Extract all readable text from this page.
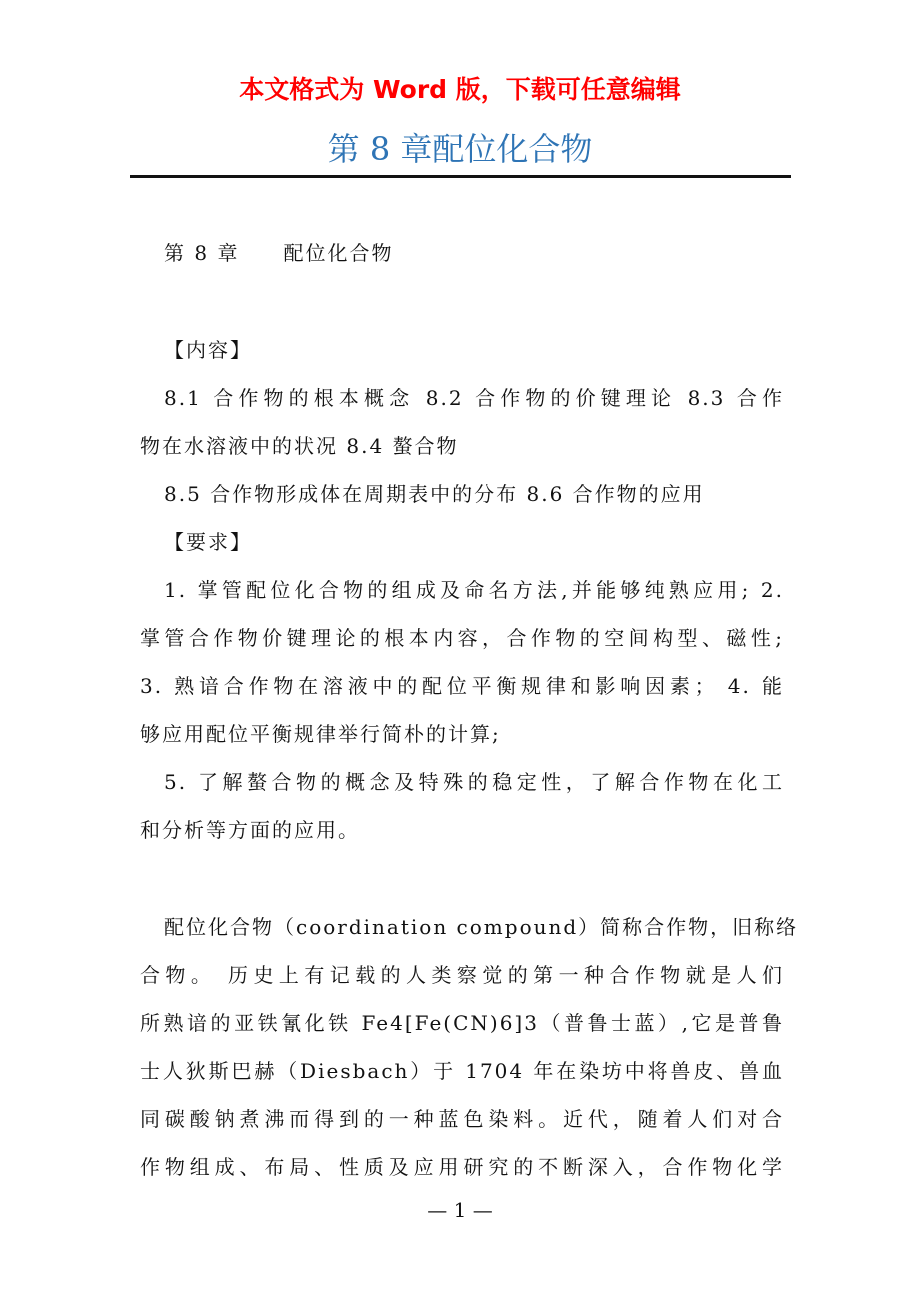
本文格式为 Word 版，下载可任意编辑
第 8 章配位化合物
第 8 章　　配位化合物
【内容】
8.1 合作物的根本概念 8.2 合作物的价键理论 8.3 合作
物在水溶液中的状况 8.4 螯合物
8.5 合作物形成体在周期表中的分布 8.6 合作物的应用
【要求】
1. 掌管配位化合物的组成及命名方法,并能够纯熟应用; 2.
掌管合作物价键理论的根本内容，合作物的空间构型、磁性;
3. 熟谙合作物在溶液中的配位平衡规律和影响因素； 4. 能
够应用配位平衡规律举行简朴的计算;
5. 了解螯合物的概念及特殊的稳定性，了解合作物在化工
和分析等方面的应用。
配位化合物（coordination compound）简称合作物，旧称络
合物。 历史上有记载的人类察觉的第一种合作物就是人们
所熟谙的亚铁氰化铁 Fe4[Fe(CN)6]3（普鲁士蓝）,它是普鲁
士人狄斯巴赫（Diesbach）于 1704 年在染坊中将兽皮、兽血
同碳酸钠煮沸而得到的一种蓝色染料。近代，随着人们对合
作物组成、布局、性质及应用研究的不断深入，合作物化学
— 1 —
